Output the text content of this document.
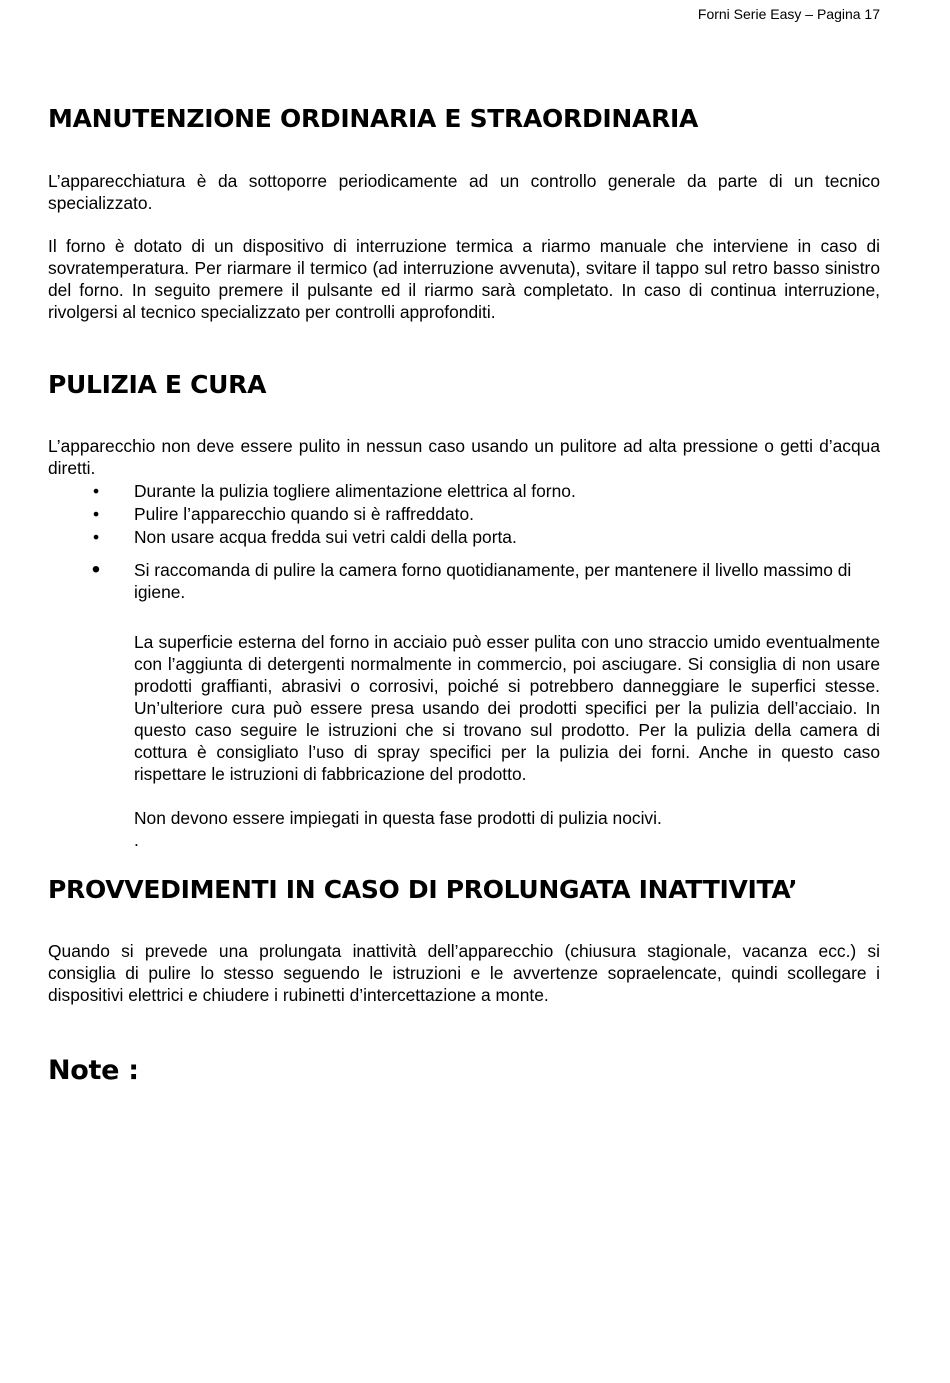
Forni Serie Easy – Pagina 17
MANUTENZIONE ORDINARIA E STRAORDINARIA

L’apparecchiatura è da sottoporre periodicamente ad un controllo generale da parte di un tecnico specializzato.

Il forno è dotato di un dispositivo di interruzione termica a riarmo manuale che interviene in caso di sovratemperatura. Per riarmare il termico (ad interruzione avvenuta), svitare il tappo sul retro basso sinistro del forno. In seguito premere il pulsante ed il riarmo sarà completato. In caso di continua interruzione, rivolgersi al tecnico specializzato per controlli approfonditi.

PULIZIA E CURA

L’apparecchio non deve essere pulito in nessun caso usando un pulitore ad alta pressione o getti d’acqua diretti.

•	Durante la pulizia togliere alimentazione elettrica al forno.
•	Pulire l’apparecchio quando si è raffreddato.
•	Non usare acqua fredda sui vetri caldi della porta.
•	Si raccomanda di pulire la camera forno quotidianamente, per mantenere il livello massimo di igiene.

La superficie esterna del forno in acciaio può esser pulita con uno straccio umido eventualmente con l’aggiunta di detergenti normalmente in commercio, poi asciugare. Si consiglia di non usare prodotti graffianti, abrasivi o corrosivi, poiché si potrebbero danneggiare le superfici stesse. Un’ulteriore cura può essere presa usando dei prodotti specifici per la pulizia dell’acciaio. In questo caso seguire le istruzioni che si trovano sul prodotto. Per la pulizia della camera di cottura è consigliato l’uso di spray specifici per la pulizia dei forni. Anche in questo caso rispettare le istruzioni di fabbricazione del prodotto.

Non devono essere impiegati in questa fase prodotti di pulizia nocivi.

.

PROVVEDIMENTI IN CASO DI PROLUNGATA INATTIVITA’

Quando si prevede una prolungata inattività dell’apparecchio (chiusura stagionale, vacanza ecc.) si consiglia di pulire lo stesso seguendo le istruzioni e le avvertenze sopraelencate, quindi scollegare i dispositivi elettrici e chiudere i rubinetti d’intercettazione a monte.

Note :
